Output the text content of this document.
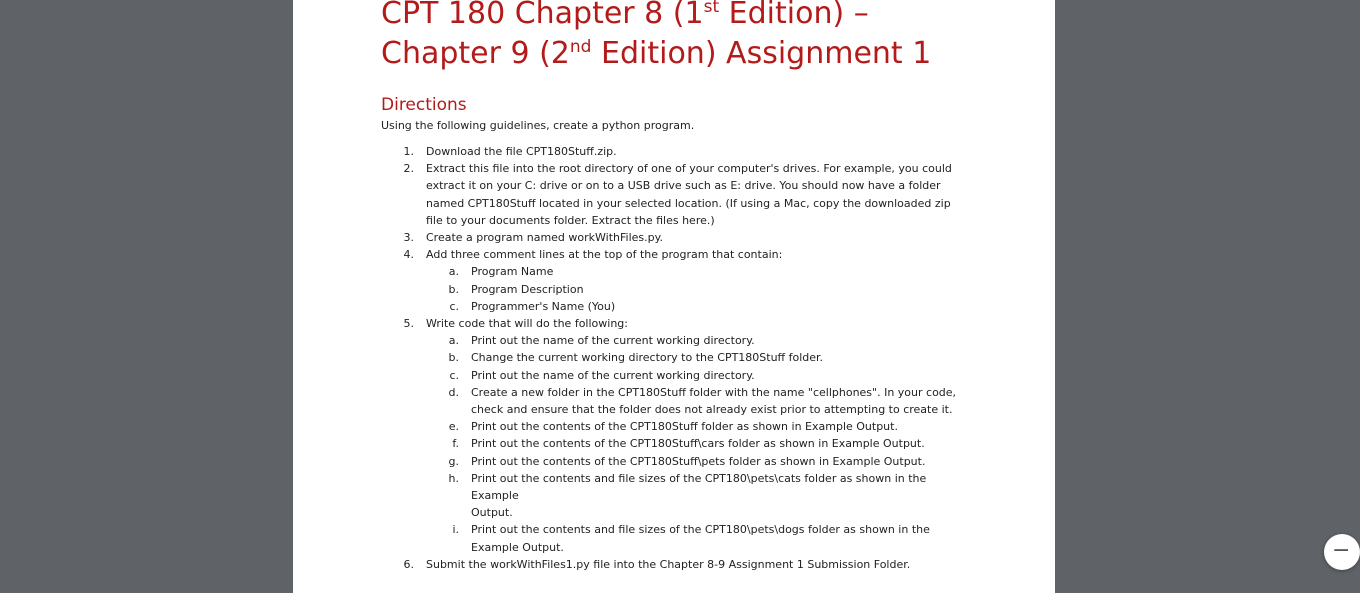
CPT 180 Chapter 8 (1st Edition) –
Chapter 9 (2nd Edition) Assignment 1
Directions

Using the following guidelines, create a python program.

1. Download the file CPT180Stuff.zip.
2. Extract this file into the root directory of one of your computer's drives. For example, you could
extract it on your C: drive or on to a USB drive such as E: drive. You should now have a folder
named CPT180Stuff located in your selected location. (If using a Mac, copy the downloaded zip
file to your documents folder. Extract the files here.)
3. Create a program named workWithFiles.py.
4. Add three comment lines at the top of the program that contain:
a. Program Name
b. Program Description
c. Programmer's Name (You)
5. Write code that will do the following:
a. Print out the name of the current working directory.
b. Change the current working directory to the CPT180Stuff folder.
c. Print out the name of the current working directory.
d. Create a new folder in the CPT180Stuff folder with the name "cellphones". In your code,
check and ensure that the folder does not already exist prior to attempting to create it.
e. Print out the contents of the CPT180Stuff folder as shown in Example Output.
f. Print out the contents of the CPT180Stuff\cars folder as shown in Example Output.
g. Print out the contents of the CPT180Stuff\pets folder as shown in Example Output.
h. Print out the contents and file sizes of the CPT180\pets\cats folder as shown in the Example
Output.
i. Print out the contents and file sizes of the CPT180\pets\dogs folder as shown in the
Example Output.
6. Submit the workWithFiles1.py file into the Chapter 8-9 Assignment 1 Submission Folder.
−
